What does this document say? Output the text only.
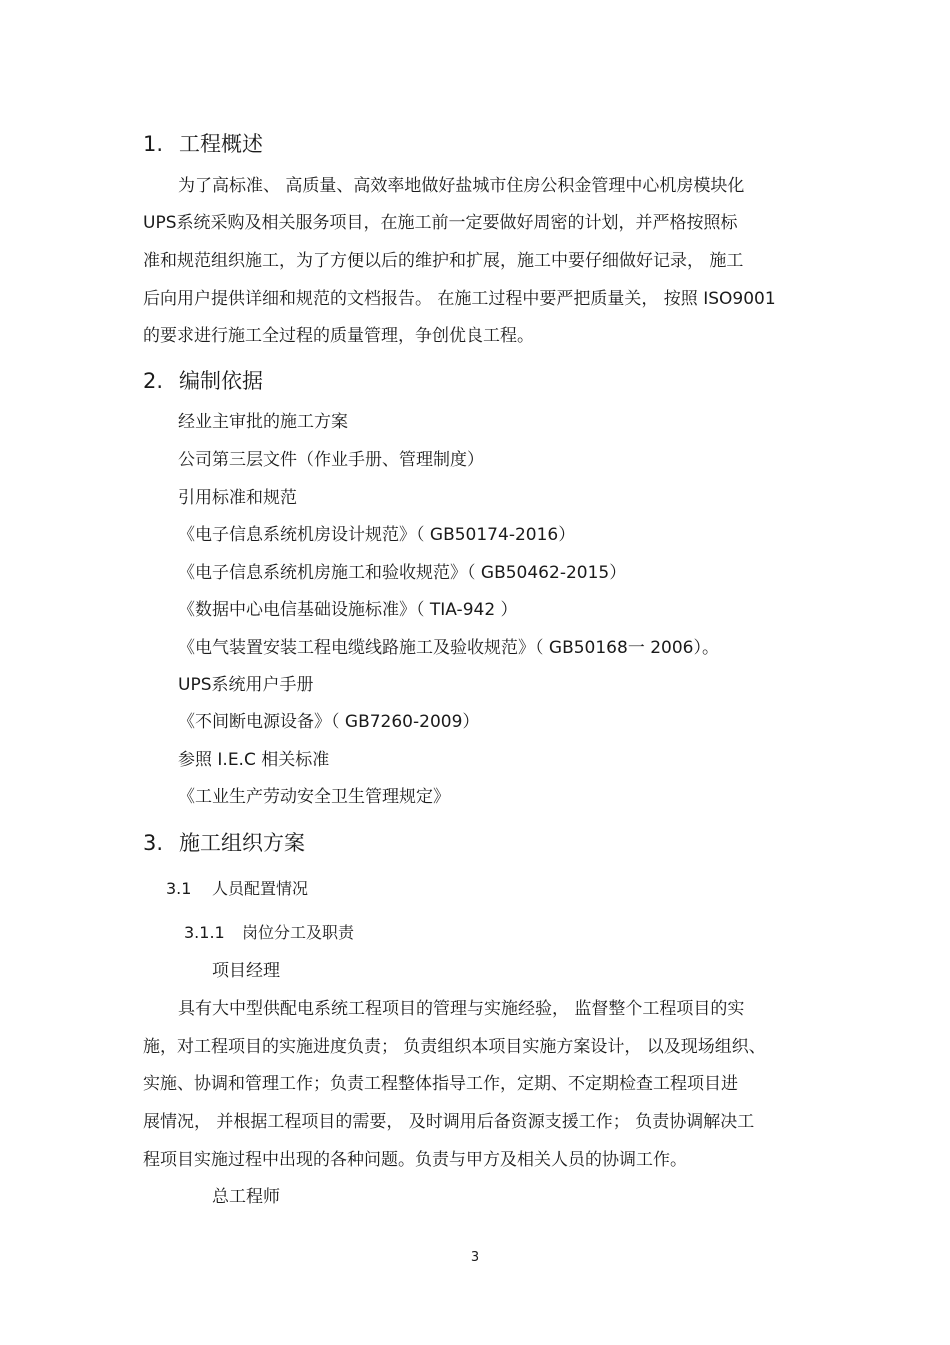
1. 工程概述
为了高标准、 高质量、高效率地做好盐城市住房公积金管理中心机房模块化
UPS系统采购及相关服务项目，在施工前一定要做好周密的计划，并严格按照标
准和规范组织施工，为了方便以后的维护和扩展，施工中要仔细做好记录， 施工
后向用户提供详细和规范的文档报告。 在施工过程中要严把质量关， 按照 ISO9001
的要求进行施工全过程的质量管理，争创优良工程。
2. 编制依据
经业主审批的施工方案
公司第三层文件（作业手册、管理制度）
引用标准和规范
《电子信息系统机房设计规范》（ GB50174-2016）
《电子信息系统机房施工和验收规范》（ GB50462-2015）
《数据中心电信基础设施标准》（ TIA-942 ）
《电气装置安装工程电缆线路施工及验收规范》（ GB50168一 2006）。
UPS系统用户手册
《不间断电源设备》（ GB7260-2009）
参照 I.E.C 相关标准
《工业生产劳动安全卫生管理规定》
3. 施工组织方案
3.1 人员配置情况
3.1.1 岗位分工及职责
项目经理
具有大中型供配电系统工程项目的管理与实施经验， 监督整个工程项目的实
施，对工程项目的实施进度负责； 负责组织本项目实施方案设计， 以及现场组织、
实施、协调和管理工作；负责工程整体指导工作，定期、不定期检查工程项目进
展情况， 并根据工程项目的需要， 及时调用后备资源支援工作； 负责协调解决工
程项目实施过程中出现的各种问题。负责与甲方及相关人员的协调工作。
总工程师
3
